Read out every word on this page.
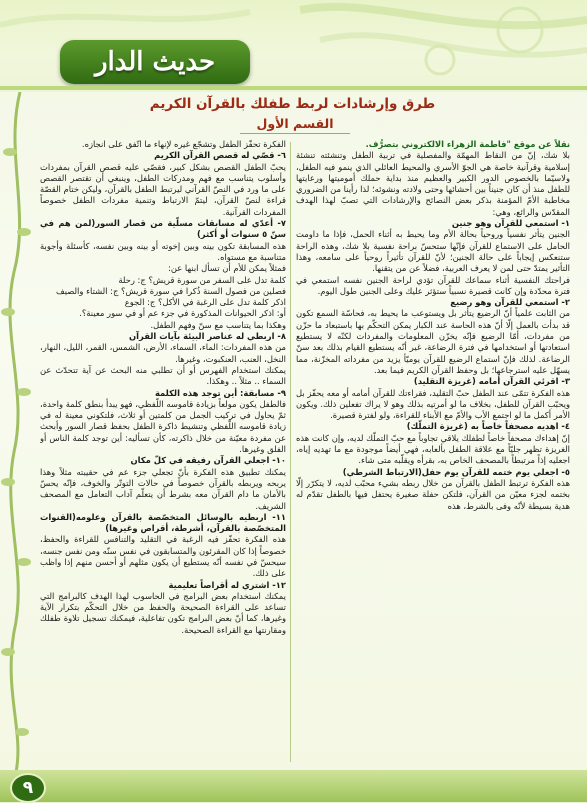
حديث الدار
طرق وإرشادات لربط طفلك بالقرآن الكريم
القسم الأول

نقلاً عن موقع "فاطمة الزهراء الالكتروني بتصرُّف.

بلا شك، إنّ من النقاط المهمّة والمفصلية في تربية الطفل وتنشئته تنشئة إسلامية وقرآنية خاصة هي الجوّ الأسري والمحيط العائلي الذي ينمو فيه الطفل، ولاسيّما بالخصوص الدور الكبير والعظيم منذ بداية حملك أموميتها ورعايتها للطفل منذ أن كان جنيناً بين أحشائها وحتى ولادته ونشوئه؛ لذا رأينا من الضروري مخاطبة الأمّ المؤمنة بذكر بعض النصائح والإرشادات التي تصبّ لهذا الهدف المقدّس والرائع، وهي:

١- استمعي للقرآن وهو جنين

الجنين يتأثر نفسياً وروحياً بحالة الأم وما يحيط به أثناء الحمل، فإذا ما داومت الحامل على الاستماع للقرآن فإنّها ستحسّ براحة نفسية بلا شك، وهذه الراحة ستنعكس إيجاباً على حالة الجنين؛ لأنّ للقرآن تأثيراً روحياً على سامعه، وهذا التأثير يمتدّ حتى لمن لا يعرف العربية، فضلاً عن من يتقنها.

فراحتك النفسية أثناء سماعك للقرآن تؤدي لراحة الجنين نفسه استمعي في فترة محدّدة وإن كانت قصيرة نسبياً ستؤثر عليك وعلى الجنين طول اليوم.

٢- استمعي للقرآن وهو رضيع

من الثابت علمياً أنّ الرضيع يتأثر بل ويستوعب ما يحيط به، فحاسّة السمع تكون قد بدأت بالعمل إلّا أنّ هذه الحاسة عند الكبار يمكن التحكّم بها باستبعاد ما حزّن من مفردات، أمّا الرضيع فإنّه يخزّن المعلومات والمفردات لكنّه لا يستطيع استعادتها أو استخدامها في فترة الرضاعة، غير أنّه يستطيع القيام بذلك بعد سنّ الرضاعة. لذلك فإنّ استماع الرضيع للقرآن يوميّأ يزيد من مفرداته المخزّنة، مما يسهّل عليه استرجاعها؛ بل وحفظ القرآن الكريم فيما بعد.

٣- اقرئي القرآن أمامه (غريزة التقليد)

هذه الفكرة تتمّى عند الطفل حبّ التقليد، فقراءتك للقرآن أمامه أو معه يحفّز بل ويحبّب القرآن للطفل، بخلاف ما لو أمرتيه بذلك وهو لا يراك تفعلين ذلك. ويكون الأمر أكمل ما لو اجتمع الأب والأمّ مع الأبناء للقراءة، ولو لفترة قصيرة.

٤- اهديه مصحفاً خاصاً به (غريزة التملّك)

إنّ إهداءك مصحفاً خاصاً لطفلك يلاقي تجاوباً مع حبّ التملّك لديه، وإن كانت هذه الغريزة تظهر جليّاً مع علاقة الطفل بألعابه، فهي أيضاً موجودة مع ما تهديه إياه، اجعليه إذاً مرتبطاً بالمصحف الخاص به، بقرأه ويقلّبه متى شاء.

٥- اجعلي يوم ختمه للقرآن يوم حفل(الارتباط الشرطي)

هذه الفكرة ترتبط الطفل بالقرآن من خلال ربطه بشيء محبّب لديه، لا يتكرّر إلّا بختمه لجزء معيّن من القرآن، فلتكن حفلة صغيرة يحتفل فيها بالطفل تقدّم له هدية بسيطة لأنّه وفى بالشرط، هذه

الفكرة تحفّز الطفل وتشجّع غيره لإنهاء ما اتّفق على انجازه.

٦- قصّي له قصص القرآن الكريم

يحبّ الطفل القصص بشكل كبير، فقصّي عليه قصص القرآن بمفردات وأسلوب يتناسب مع فهم ومدركات الطفل، وينبغي أن تقتصر القصص على ما ورد في النصّ القرآني ليرتبط الطفل بالقرآن، وليكن ختام القصّة قراءة لنصّ القرآن، ليتمّ الارتباط وتنمية مفردات الطفل خصوصاً المفردات القرآنية.

٧- أعدّي له مسابقات مسلّية من قصار السور(لمن هم في سنّ ٥ سنوات أو أكثر)

هذه المسابقة تكون بينه وبين إخوته أو بينه وبين نفسه، كأسئلة وأجوبة متناسبة مع مستواه.

فمثلاً يمكن للأم أن تسأل ابنها عن:

كلمة تدل على السفر من سورة قريش؟ ج: رحلة

فصلين من فصول السنة ذُكرا في سورة قريش؟ ج: الشتاء والصيف

اذكر كلمة تدل على الرغبة في الأكل؟ ج: الجوع

أو: اذكر الحيوانات المذكورة في جزء عم أو في سور معينة؟.

وهكذا بما يتناسب مع سنّ وفهم الطفل.

٨- اربطي له عناصر البيئة بآيات القرآن

من هذه المفردات: الماء، السماء، الأرض، الشمس، القمر، الليل، النهار، النخل، العنب، العنكبوت، وغيرها.

يمكنك استخدام الفهرس أو أن تطلبي منه البحث عن آية تتحدّث عن السماء .. مثلاً .. وهكذا.

٩- مسابقة: أين توجد هذه الكلمة

فالطفل يكون مولعاً بزيادة قاموسه اللّفظي، فهو يبدأ بنطق كلمة واحدة، ثمّ يحاول في تركيب الجمل من كلمتين أو ثلاث، فلتكوني معينة له في زيادة قاموسه اللّفظي وتنشيط ذاكرة الطفل بحفظ قصار السور وأبحث عن مفردة معيّنة من خلال ذاكرته، كأن تسأليه: أين توجد كلمة الناس أو الفلق وغيرها.

١٠- اجعلي القرآن رفيقه في كلّ مكان

يمكنك تطبيق هذه الفكرة بأنّ تجعلي جزء عم في حقيبته مثلاً وهذا يربحه ويربطه بالقرآن خصوصاً في حالات التوتّر والخوف، فإنّه يحسّ بالأمان ما دام القرآن معه بشرط أن يتعلّم آداب التعامل مع المصحف الشريف.

١١- اربطيه بالوسائل المتخصّصة بالقرآن وعلومه(القنوات المتخصّصة بالقرآن، أشرطة، أقراص وغيرها)

هذه الفكرة تحفّز فيه الرغبة في التقليد والتنافس للقراءة والحفظ، خصوصاً إذا كان المقرئون والمتسابقون في نفس سنّه ومن نفس جنسه، سيحسّ في نفسه أنّه يستطيع أن يكون مثلهم أو أحسن منهم إذا واظب على ذلك.

١٢- اشتري له أقراصاً تعليمية

يمكنك استخدام بعض البرامج في الحاسوب لهذا الهدف كالبرامج التي تساعد على القراءة الصحيحة والحفظ من خلال التحكّم بتكرار الآية وغيرها، كما أنّ بعض البرامج تكون تفاعلية، فيمكنك تسجيل تلاوة طفلك ومقارنتها مع القراءة الصحيحة.

٩
